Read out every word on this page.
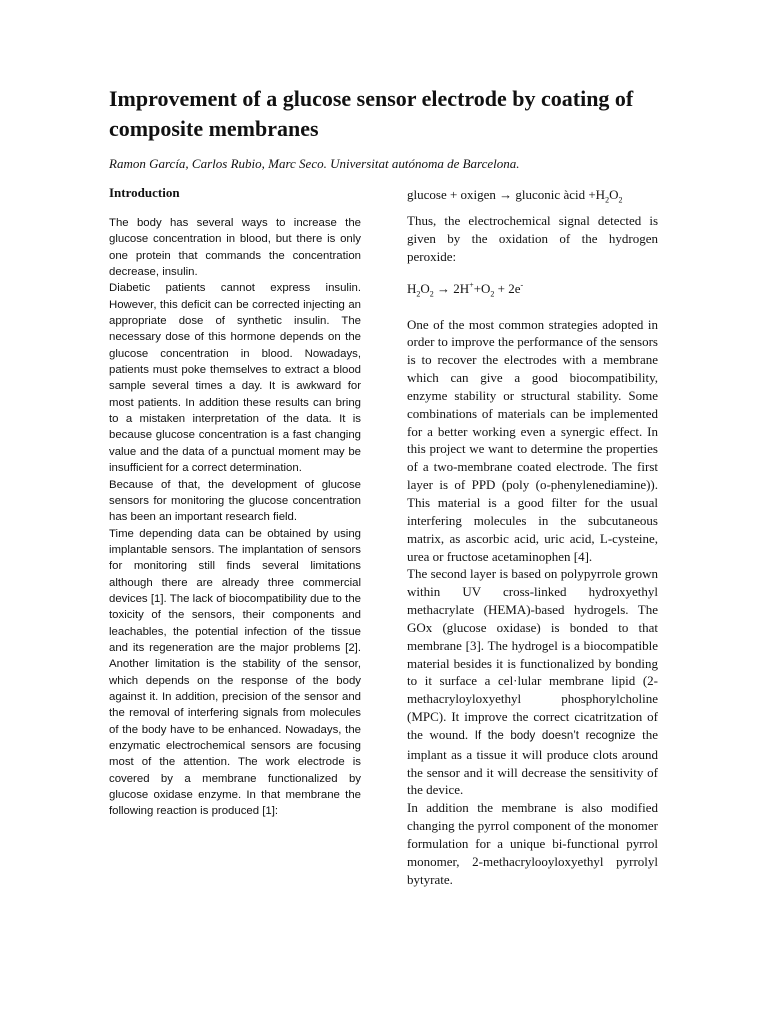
Improvement of a glucose sensor electrode by coating of composite membranes

Ramon García, Carlos Rubio, Marc Seco. Universitat autónoma de Barcelona.

Introduction

The body has several ways to increase the glucose concentration in blood, but there is only one protein that commands the concentration decrease, insulin.

Diabetic patients cannot express insulin. However, this deficit can be corrected injecting an appropriate dose of synthetic insulin. The necessary dose of this hormone depends on the glucose concentration in blood. Nowadays, patients must poke themselves to extract a blood sample several times a day. It is awkward for most patients. In addition these results can bring to a mistaken interpretation of the data. It is because glucose concentration is a fast changing value and the data of a punctual moment may be insufficient for a correct determination.

Because of that, the development of glucose sensors for monitoring the glucose concentration has been an important research field.

Time depending data can be obtained by using implantable sensors. The implantation of sensors for monitoring still finds several limitations although there are already three commercial devices [1]. The lack of biocompatibility due to the toxicity of the sensors, their components and leachables, the potential infection of the tissue and its regeneration are the major problems [2]. Another limitation is the stability of the sensor, which depends on the response of the body against it. In addition, precision of the sensor and the removal of interfering signals from molecules of the body have to be enhanced. Nowadays, the enzymatic electrochemical sensors are focusing most of the attention. The work electrode is covered by a membrane functionalized by glucose oxidase enzyme. In that membrane the following reaction is produced [1]:

glucose + oxigen → gluconic àcid $+H_2O_2$

Thus, the electrochemical signal detected is given by the oxidation of the hydrogen peroxide:

$H_2O_2 \to 2H^++O_2 + 2e^-$

One of the most common strategies adopted in order to improve the performance of the sensors is to recover the electrodes with a membrane which can give a good biocompatibility, enzyme stability or structural stability. Some combinations of materials can be implemented for a better working even a synergic effect. In this project we want to determine the properties of a two-membrane coated electrode. The first layer is of PPD (poly (o-phenylenediamine)). This material is a good filter for the usual interfering molecules in the subcutaneous matrix, as ascorbic acid, uric acid, L-cysteine, urea or fructose acetaminophen [4].

The second layer is based on polypyrrole grown within UV cross-linked hydroxyethyl methacrylate (HEMA)-based hydrogels. The GOx (glucose oxidase) is bonded to that membrane [3]. The hydrogel is a biocompatible material besides it is functionalized by bonding to it surface a cel·lular membrane lipid (2-methacryloyloxyethyl phosphorylcholine (MPC). It improve the correct cicatritzation of the wound. If the body doesn’t recognize the implant as a tissue it will produce clots around the sensor and it will decrease the sensitivity of the device.

In addition the membrane is also modified changing the pyrrol component of the monomer formulation for a unique bi-functional pyrrol monomer, 2-methacrylooyloxyethyl pyrrolyl bytyrate.
